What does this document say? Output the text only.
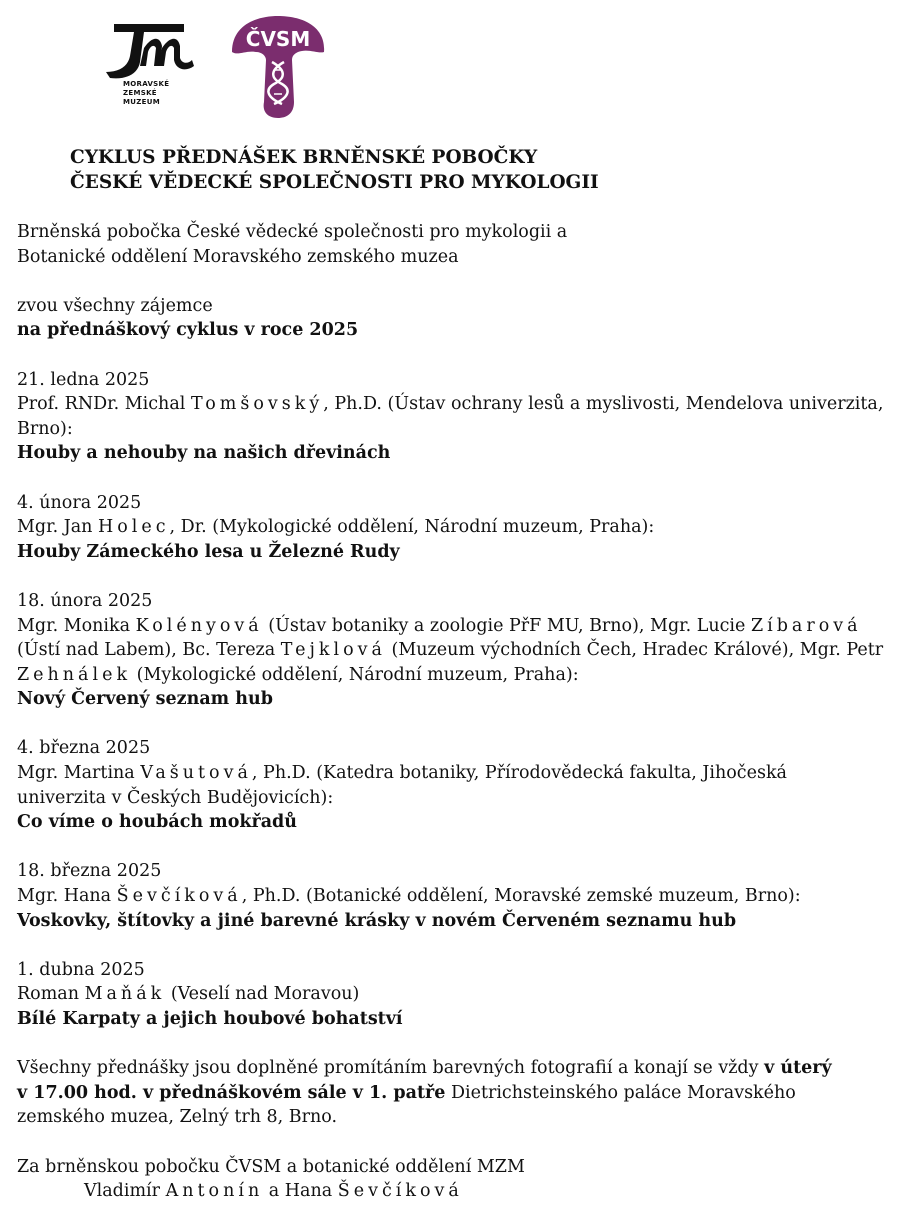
MORAVSKÉ
ZEMSKÉ
MUZEUM
ČVSM
CYKLUS PŘEDNÁŠEK BRNĚNSKÉ POBOČKY
ČESKÉ VĚDECKÉ SPOLEČNOSTI PRO MYKOLOGII

Brněnská pobočka České vědecké společnosti pro mykologii a

Botanické oddělení Moravského zemského muzea

zvou všechny zájemce

na přednáškový cyklus v roce 2025

21. ledna 2025

Prof. RNDr. Michal Tomšovský, Ph.D. (Ústav ochrany lesů a myslivosti, Mendelova univerzita,

Brno):

Houby a nehouby na našich dřevinách

4. února 2025

Mgr. Jan Holec, Dr. (Mykologické oddělení, Národní muzeum, Praha):

Houby Zámeckého lesa u Železné Rudy

18. února 2025

Mgr. Monika Kolényová (Ústav botaniky a zoologie PřF MU, Brno), Mgr. Lucie Zíbarová

(Ústí nad Labem), Bc. Tereza Tejklová (Muzeum východních Čech, Hradec Králové), Mgr. Petr

Zehnálek (Mykologické oddělení, Národní muzeum, Praha):

Nový Červený seznam hub

4. března 2025

Mgr. Martina Vašutová, Ph.D. (Katedra botaniky, Přírodovědecká fakulta, Jihočeská

univerzita v Českých Budějovicích):

Co víme o houbách mokřadů

18. března 2025

Mgr. Hana Ševčíková, Ph.D. (Botanické oddělení, Moravské zemské muzeum, Brno):

Voskovky, štítovky a jiné barevné krásky v novém Červeném seznamu hub

1. dubna 2025

Roman Maňák (Veselí nad Moravou)

Bílé Karpaty a jejich houbové bohatství

Všechny přednášky jsou doplněné promítáním barevných fotografií a konají se vždy v úterý

v 17.00 hod. v přednáškovém sále v 1. patře Dietrichsteinského paláce Moravského

zemského muzea, Zelný trh 8, Brno.

Za brněnskou pobočku ČVSM a botanické oddělení MZM

Vladimír Antonín a Hana Ševčíková
